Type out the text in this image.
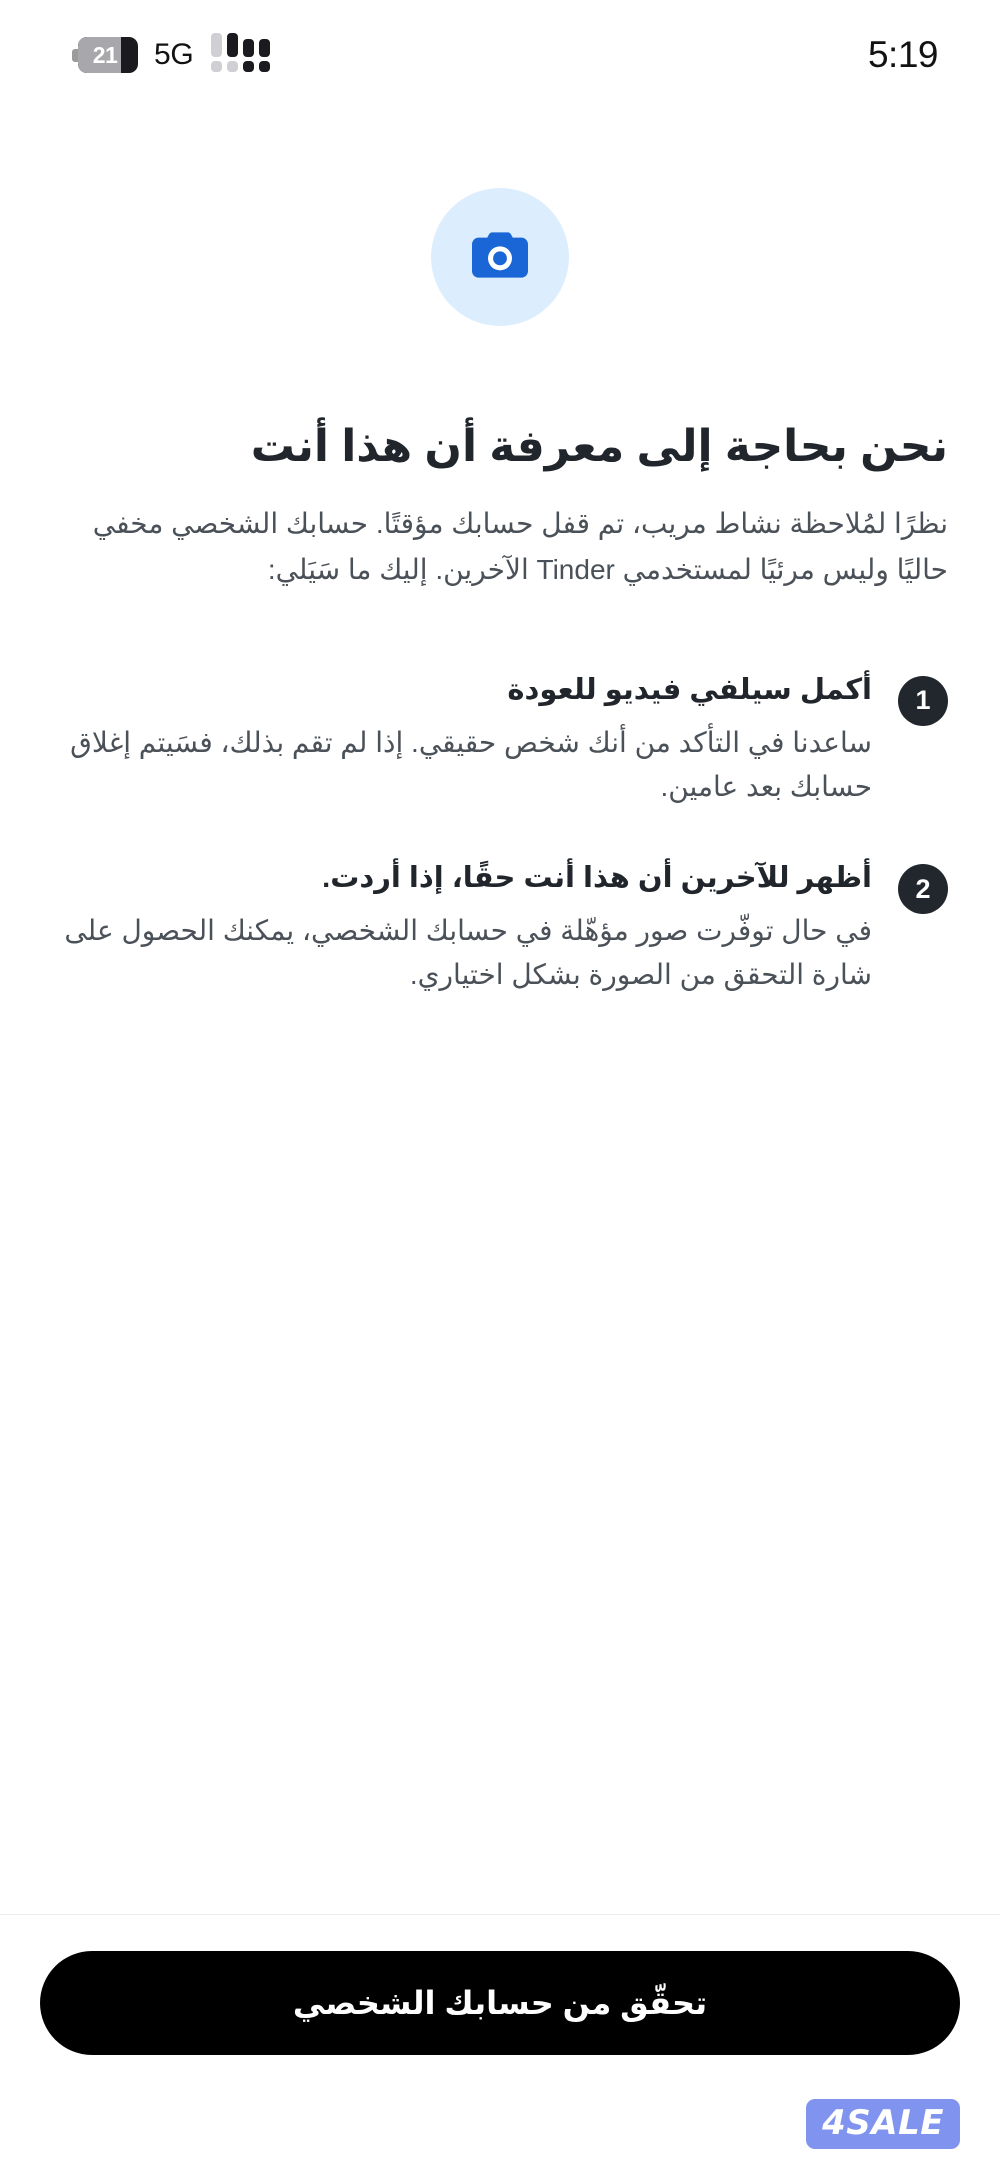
21	5G	5:19
نحن بحاجة إلى معرفة أن هذا أنت

نظرًا لمُلاحظة نشاط مريب، تم قفل حسابك مؤقتًا. حسابك الشخصي مخفي حاليًا وليس مرئيًا لمستخدمي Tinder الآخرين. إليك ما سَيَلي:

1
أكمل سيلفي فيديو للعودة
ساعدنا في التأكد من أنك شخص حقيقي. إذا لم تقم بذلك، فسَيتم إغلاق حسابك بعد عامين.
2
أظهر للآخرين أن هذا أنت حقًا، إذا أردت.
في حال توفّرت صور مؤهّلة في حسابك الشخصي، يمكنك الحصول على شارة التحقق من الصورة بشكل اختياري.
تحقّق من حسابك الشخصي
4SALE
